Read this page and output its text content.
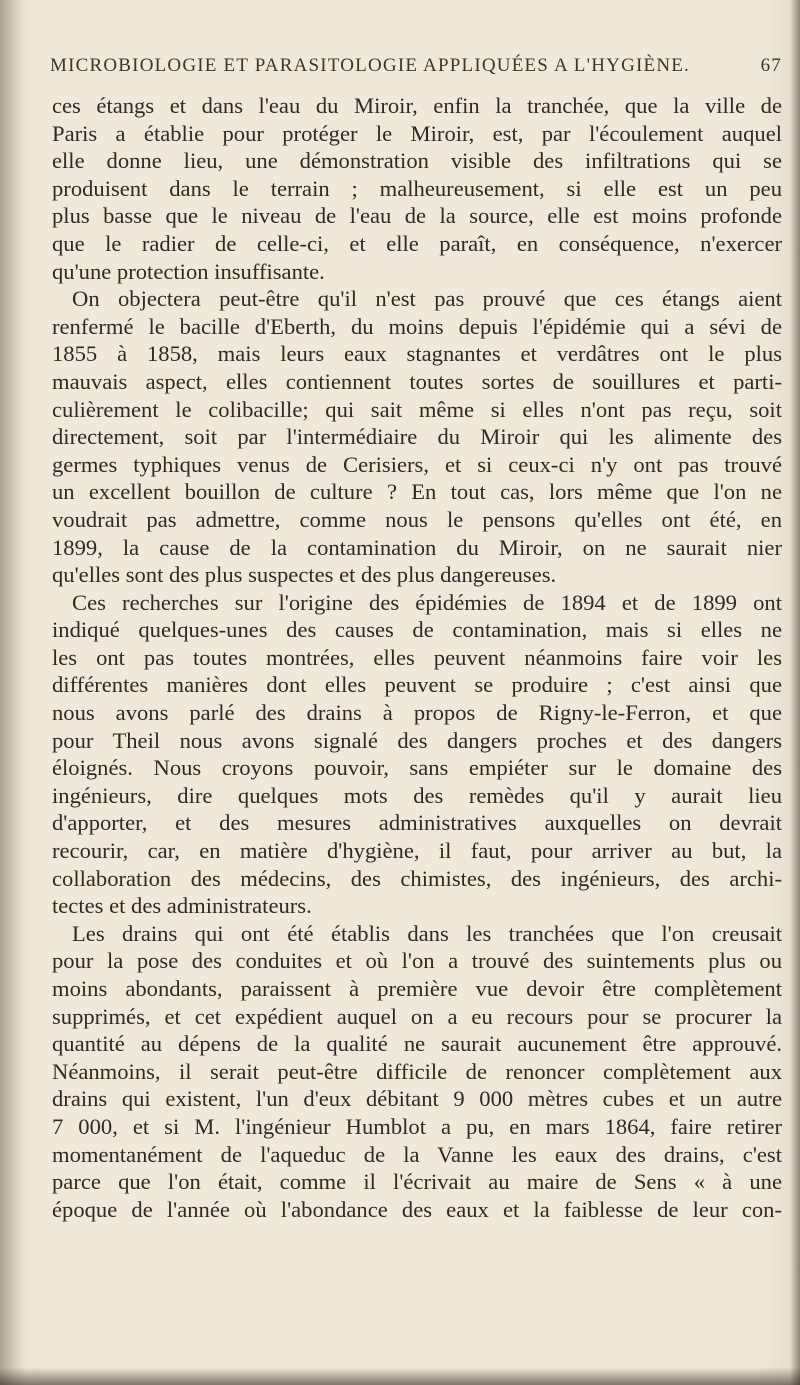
MICROBIOLOGIE ET PARASITOLOGIE APPLIQUÉES A L'HYGIÈNE.	67
ces étangs et dans l'eau du Miroir, enfin la tranchée, que la ville de
Paris a établie pour protéger le Miroir, est, par l'écoulement auquel
elle donne lieu, une démonstration visible des infiltrations qui se
produisent dans le terrain ; malheureusement, si elle est un peu
plus basse que le niveau de l'eau de la source, elle est moins profonde
que le radier de celle-ci, et elle paraît, en conséquence, n'exercer
qu'une protection insuffisante.
On objectera peut-être qu'il n'est pas prouvé que ces étangs aient
renfermé le bacille d'Eberth, du moins depuis l'épidémie qui a sévi de
1855 à 1858, mais leurs eaux stagnantes et verdâtres ont le plus
mauvais aspect, elles contiennent toutes sortes de souillures et parti-
culièrement le colibacille; qui sait même si elles n'ont pas reçu, soit
directement, soit par l'intermédiaire du Miroir qui les alimente des
germes typhiques venus de Cerisiers, et si ceux-ci n'y ont pas trouvé
un excellent bouillon de culture ? En tout cas, lors même que l'on ne
voudrait pas admettre, comme nous le pensons qu'elles ont été, en
1899, la cause de la contamination du Miroir, on ne saurait nier
qu'elles sont des plus suspectes et des plus dangereuses.
Ces recherches sur l'origine des épidémies de 1894 et de 1899 ont
indiqué quelques-unes des causes de contamination, mais si elles ne
les ont pas toutes montrées, elles peuvent néanmoins faire voir les
différentes manières dont elles peuvent se produire ; c'est ainsi que
nous avons parlé des drains à propos de Rigny-le-Ferron, et que
pour Theil nous avons signalé des dangers proches et des dangers
éloignés. Nous croyons pouvoir, sans empiéter sur le domaine des
ingénieurs, dire quelques mots des remèdes qu'il y aurait lieu
d'apporter, et des mesures administratives auxquelles on devrait
recourir, car, en matière d'hygiène, il faut, pour arriver au but, la
collaboration des médecins, des chimistes, des ingénieurs, des archi-
tectes et des administrateurs.
Les drains qui ont été établis dans les tranchées que l'on creusait
pour la pose des conduites et où l'on a trouvé des suintements plus ou
moins abondants, paraissent à première vue devoir être complètement
supprimés, et cet expédient auquel on a eu recours pour se procurer la
quantité au dépens de la qualité ne saurait aucunement être approuvé.
Néanmoins, il serait peut-être difficile de renoncer complètement aux
drains qui existent, l'un d'eux débitant 9 000 mètres cubes et un autre
7 000, et si M. l'ingénieur Humblot a pu, en mars 1864, faire retirer
momentanément de l'aqueduc de la Vanne les eaux des drains, c'est
parce que l'on était, comme il l'écrivait au maire de Sens « à une
époque de l'année où l'abondance des eaux et la faiblesse de leur con-
